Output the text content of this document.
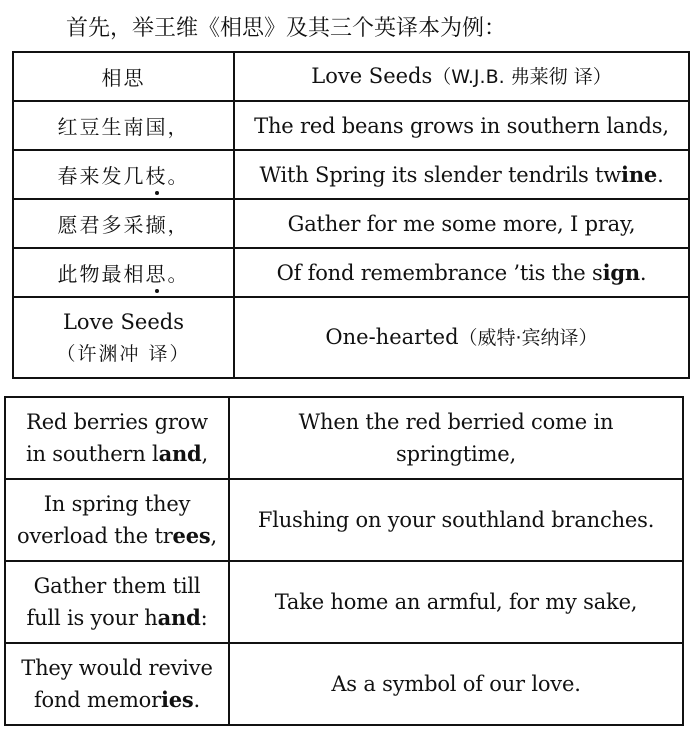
首先，举王维《相思》及其三个英译本为例：
相思	Love Seeds（W.J.B. 弗莱彻 译）
红豆生南国，	The red beans grows in southern lands,
春来发几枝。	With Spring its slender tendrils twine.
愿君多采撷，	Gather for me some more, I pray,
此物最相思。	Of fond remembrance ’tis the sign.

Love Seeds
（许渊冲 译）	One-hearted（威特·宾纳译）
Red berries grow
in southern land,	When the red berried come in springtime,

In spring they
overload the trees,	Flushing on your southland branches.

Gather them till
full is your hand:	Take home an armful, for my sake,

They would revive
fond memories.	As a symbol of our love.
